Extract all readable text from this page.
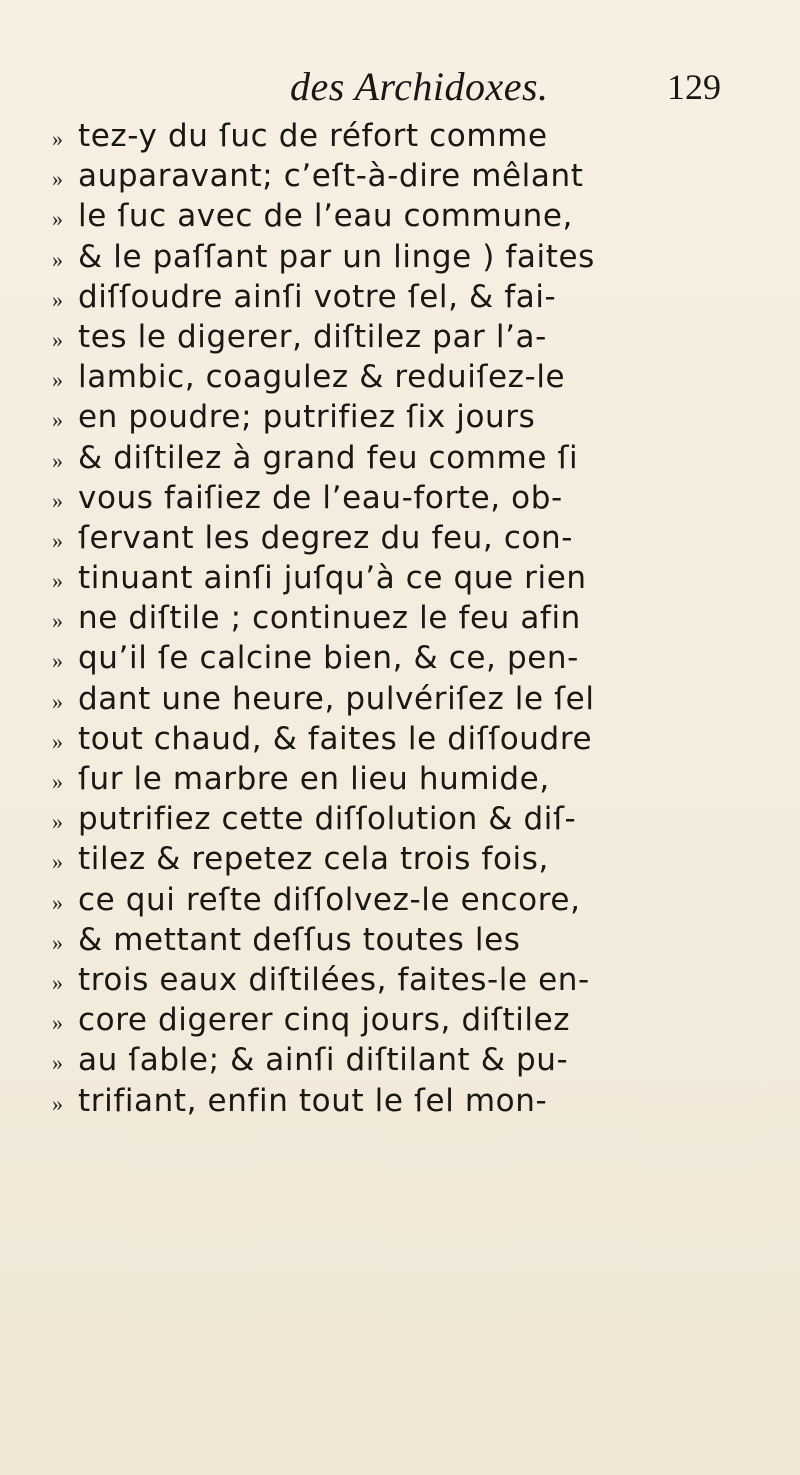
des Archidoxes.	129
» tez-y du ſuc de réfort comme
» auparavant; c’eſt-à-dire mêlant
» le ſuc avec de l’eau commune,
» & le paſſant par un linge ) faites
» diſſoudre ainſi votre ſel, & fai-
» tes le digerer, diſtilez par l’a-
» lambic, coagulez & reduiſez-le
» en poudre; putrifiez ſix jours
» & diſtilez à grand feu comme ſi
» vous faiſiez de l’eau-forte, ob-
» ſervant les degrez du feu, con-
» tinuant ainſi juſqu’à ce que rien
» ne diſtile ; continuez le feu afin
» qu’il ſe calcine bien, & ce, pen-
» dant une heure, pulvériſez le ſel
» tout chaud, & faites le diſſoudre
» ſur le marbre en lieu humide,
» putrifiez cette diſſolution & diſ-
» tilez & repetez cela trois fois,
» ce qui reſte diſſolvez-le encore,
» & mettant deſſus toutes les
» trois eaux diſtilées, faites-le en-
» core digerer cinq jours, diſtilez
» au ſable; & ainſi diſtilant & pu-
» trifiant, enfin tout le ſel mon-
